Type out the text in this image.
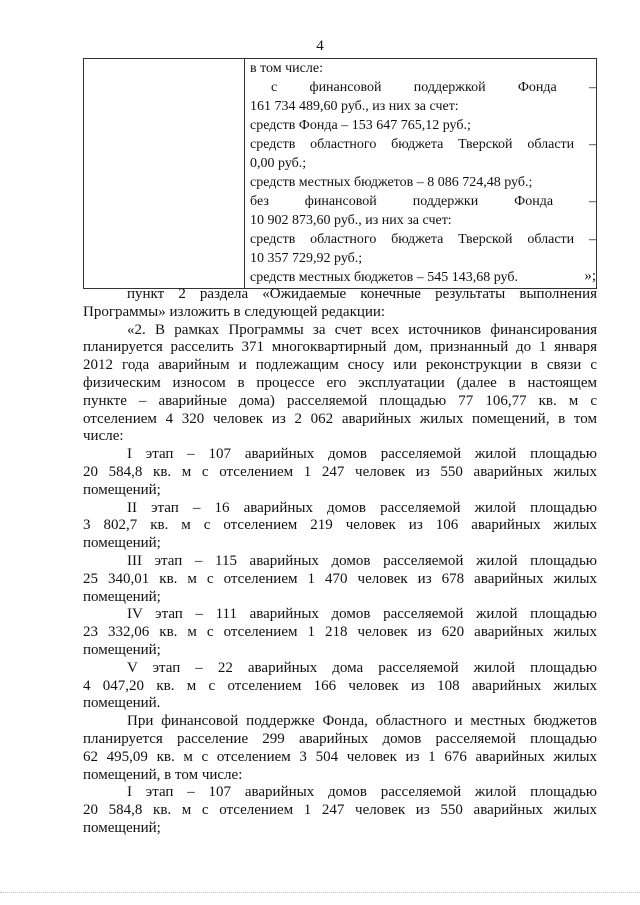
4

в том числе:
с финансовой поддержкой Фонда –
161 734 489,60 руб., из них за счет:
средств Фонда – 153 647 765,12 руб.;
средств областного бюджета Тверской области –
0,00 руб.;
средств местных бюджетов – 8 086 724,48 руб.;
без финансовой поддержки Фонда –
10 902 873,60 руб., из них за счет:
средств областного бюджета Тверской области –
10 357 729,92 руб.;
средств местных бюджетов – 545 143,68 руб.	»;

пункт 2 раздела «Ожидаемые конечные результаты выполнения
Программы» изложить в следующей редакции:

«2. В рамках Программы за счет всех источников финансирования
планируется расселить 371 многоквартирный дом, признанный до 1 января
2012 года аварийным и подлежащим сносу или реконструкции в связи с
физическим износом в процессе его эксплуатации (далее в настоящем
пункте – аварийные дома) расселяемой площадью 77 106,77 кв. м с
отселением 4 320 человек из 2 062 аварийных жилых помещений, в том
числе:

I этап – 107 аварийных домов расселяемой жилой площадью
20 584,8 кв. м с отселением 1 247 человек из 550 аварийных жилых
помещений;

II этап – 16 аварийных домов расселяемой жилой площадью
3 802,7 кв. м с отселением 219 человек из 106 аварийных жилых
помещений;

III этап – 115 аварийных домов расселяемой жилой площадью
25 340,01 кв. м с отселением 1 470 человек из 678 аварийных жилых
помещений;

IV этап – 111 аварийных домов расселяемой жилой площадью
23 332,06 кв. м с отселением 1 218 человек из 620 аварийных жилых
помещений;

V этап – 22 аварийных дома расселяемой жилой площадью
4 047,20 кв. м с отселением 166 человек из 108 аварийных жилых
помещений.

При финансовой поддержке Фонда, областного и местных бюджетов
планируется расселение 299 аварийных домов расселяемой площадью
62 495,09 кв. м с отселением 3 504 человек из 1 676 аварийных жилых
помещений, в том числе:

I этап – 107 аварийных домов расселяемой жилой площадью
20 584,8 кв. м с отселением 1 247 человек из 550 аварийных жилых
помещений;
